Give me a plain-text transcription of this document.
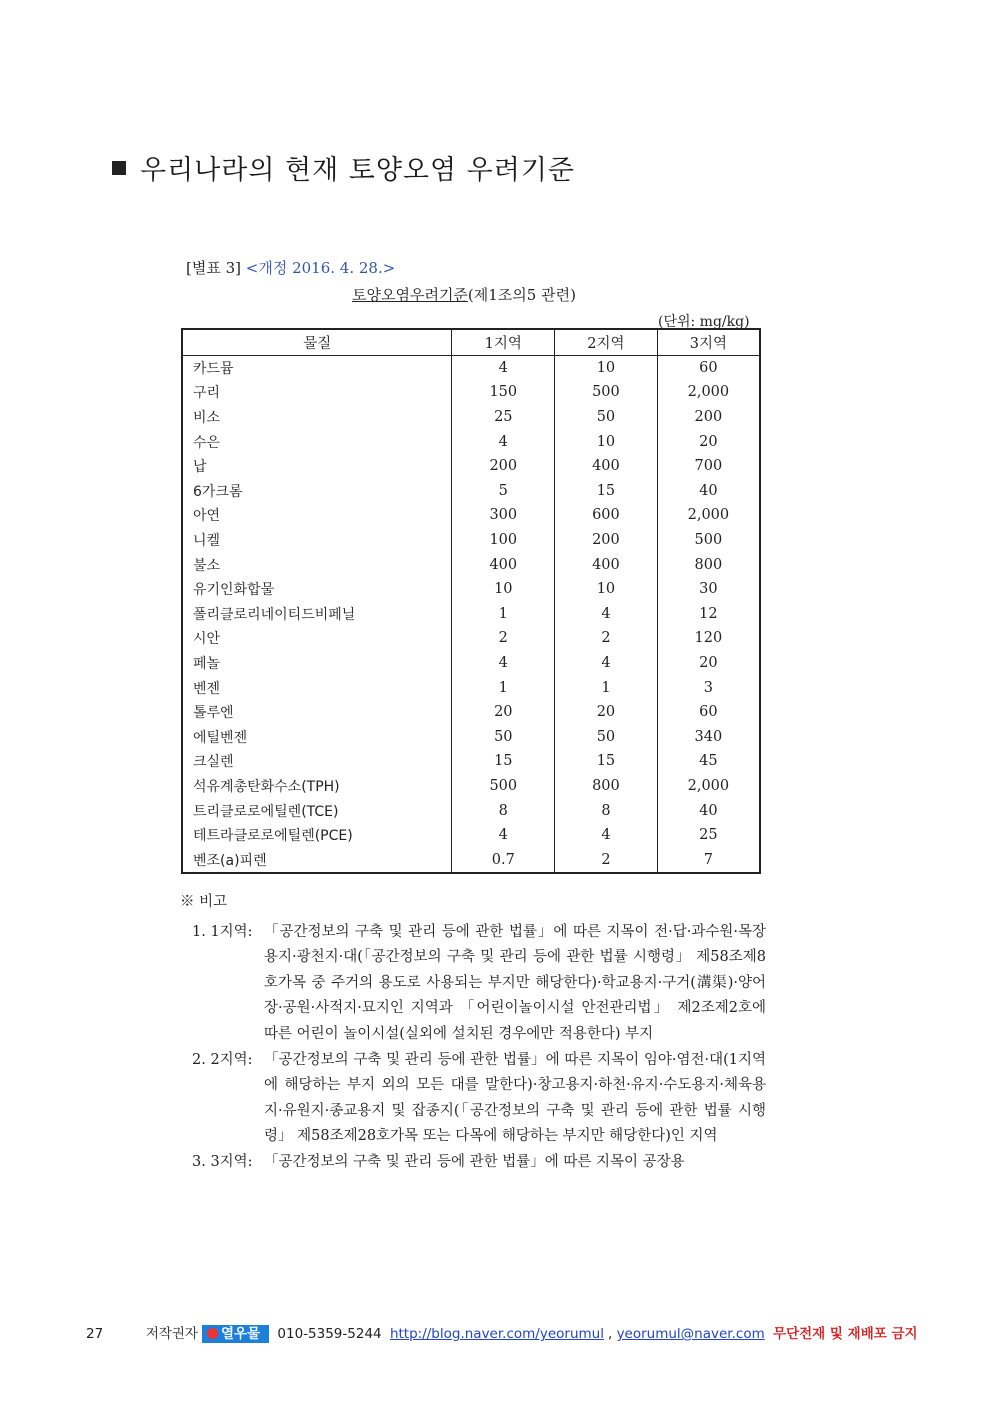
우리나라의 현재 토양오염 우려기준
[별표 3] <개정 2016. 4. 28.>
토양오염우려기준(제1조의5 관련)
(단위: mg/kg)
물질	1지역	2지역	3지역
카드뮴	4	10	60
구리	150	500	2,000
비소	25	50	200
수은	4	10	20
납	200	400	700
6가크롬	5	15	40
아연	300	600	2,000
니켈	100	200	500
불소	400	400	800
유기인화합물	10	10	30
폴리클로리네이티드비페닐	1	4	12
시안	2	2	120
페놀	4	4	20
벤젠	1	1	3
톨루엔	20	20	60
에틸벤젠	50	50	340
크실렌	15	15	45
석유계총탄화수소(TPH)	500	800	2,000
트리클로로에틸렌(TCE)	8	8	40
테트라클로로에틸렌(PCE)	4	4	25
벤조(a)피렌	0.7	2	7
※ 비고
1. 1지역: 「공간정보의 구축 및 관리 등에 관한 법률」에 따른 지목이 전·답·과수원·목장용지·광천지·대(「공간정보의 구축 및 관리 등에 관한 법률 시행령」 제58조제8호가목 중 주거의 용도로 사용되는 부지만 해당한다)·학교용지·구거(溝渠)·양어장·공원·사적지·묘지인 지역과 「어린이놀이시설 안전관리법」 제2조제2호에 따른 어린이 놀이시설(실외에 설치된 경우에만 적용한다) 부지
2. 2지역: 「공간정보의 구축 및 관리 등에 관한 법률」에 따른 지목이 임야·염전·대(1지역에 해당하는 부지 외의 모든 대를 말한다)·창고용지·하천·유지·수도용지·체육용지·유원지·종교용지 및 잡종지(「공간정보의 구축 및 관리 등에 관한 법률 시행령」 제58조제28호가목 또는 다목에 해당하는 부지만 해당한다)인 지역
3. 3지역: 「공간정보의 구축 및 관리 등에 관한 법률」에 따른 지목이 공장용
27	저작권자 열우물 010-5359-5244 http://blog.naver.com/yeorumul , yeorumul@naver.com 무단전재 및 재배포 금지
